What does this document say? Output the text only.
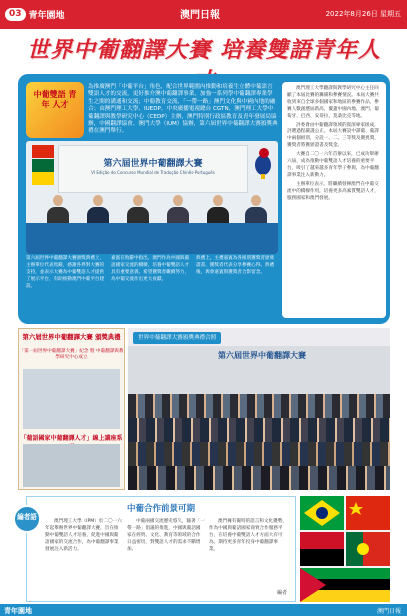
03 青年園地	澳門日報	2022年8月26日 星期五
世界中葡翻譯大賽 培養雙語青年人
中葡雙語 青年 人才
為推廣澳門「中葡平台」角色，配合世界範圍內推動和培養生立體中葡語言雙語人才的交流，更好推介澳中葡翻譯事業，加強一系列學中葡翻譯專業學生之間的溝通和交流；中葡教育交流、「一帶一路」澳門文化與中國內地的融合；由澳門理工大學、IUEDP、中央廣播電視總台 CGTN、澳門理工大學中葡翻譯與教學研究中心（CEDP）主辦，澳門特別行政區教育及青年發展局協辦，中國翻譯協會、澳門大學（IUM）協辦，第六屆世界中葡翻譯大賽頒獎典禮在澳門舉行。
第六屆世界中葡翻譯大賽
VI Edição do Concurso Mundial de Tradução Chinês-Português
第六屆世界中葡翻譯大賽頒獎典禮上，主辦單位代表致辭，感謝各界對大賽的支持，並表示大賽為中葡雙語人才提供了展示平台，有助推動澳門中葡平台建設。
嘉賓在致辭中指出，澳門作為中國與葡語國家交流的橋樑，培養中葡雙語人才具有重要意義。希望獲獎者繼續努力，為中葡交流作出更大貢獻。
典禮上，主禮嘉賓為各組別獲獎者頒發證書，獲獎者代表分享參賽心得。典禮後，與會嘉賓與獲獎者合影留念。

澳門理工大學翻譯與教學研究中心主任回顧了本屆比賽的籌備和參賽情況。本屆大賽共收到來自全球多個國家和地區的參賽作品，參賽人數創歷屆新高，覆蓋中國內地、澳門、葡萄牙、巴西、安哥拉、莫桑比克等地。

評委會由中葡翻譯領域的資深專家組成，評選過程嚴謹公正。本屆大賽設中譯葡、葡譯中兩個組別，分設一、二、三等獎及優異獎，獲獎者將獲頒證書及獎金。

大賽自二〇一六年首辦以來，已成功舉辦六屆，成為推動中葡雙語人才培養的重要平台，吸引了越來越多青年學子參與，為中葡翻譯事業注入新動力。

主辦單位表示，將繼續發揮澳門在中葡交流中的橋樑作用，培養更多高素質雙語人才，服務國家和澳門發展。

第六屆世界中葡翻譯大賽 頒獎典禮
「第一屆世界中葡翻譯大賽」紀念 暨 中葡翻譯與教學研究中心成立
「葡語國家中葡翻譯人才」線上講座系
第六屆世界中葡翻譯大賽
世界中葡翻譯大賽頒獎典禮合照
編者語
中葡合作前景可期
澳門理工大學（IPM）於二〇一六年起舉辦世界中葡翻譯大賽，旨在推動中葡雙語人才培養，促進中國與葡語國家的交流合作，為中葡翻譯事業發展注入新活力。
中葡兩國交流歷史悠久，隨著「一帶一路」倡議的推進，中國與葡語國家在經貿、文化、教育等領域的合作日益密切，對雙語人才的需求不斷增加。
澳門擁有獨特的語言和文化優勢，作為中國與葡語國家商貿合作服務平台，在培養中葡雙語人才方面大有可為。期待更多青年投身中葡翻譯事業。
編者
青年園地	澳門日報
